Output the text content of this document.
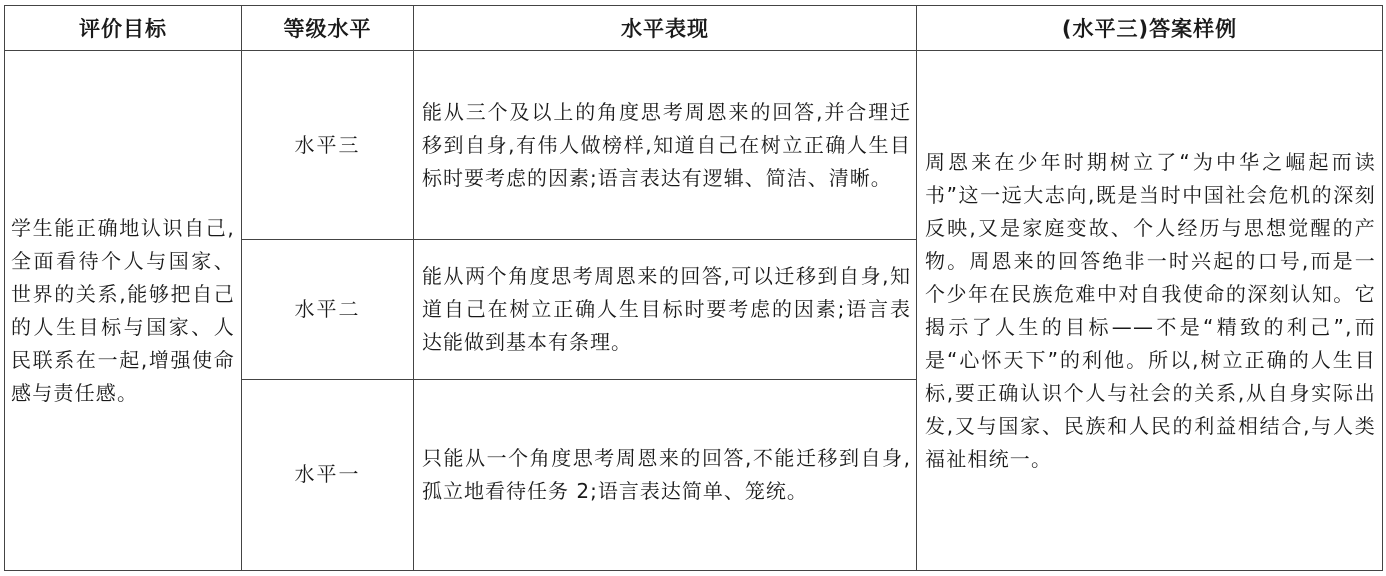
评价目标	等级水平	水平表现	(水平三)答案样例
学生能正确地认识自己,全面看待个人与国家、世界的关系,能够把自己的人生目标与国家、人民联系在一起,增强使命感与责任感。	水平三	能从三个及以上的角度思考周恩来的回答,并合理迁移到自身,有伟人做榜样,知道自己在树立正确人生目标时要考虑的因素;语言表达有逻辑、简洁、清晰。	周恩来在少年时期树立了“为中华之崛起而读书”这一远大志向,既是当时中国社会危机的深刻反映,又是家庭变故、个人经历与思想觉醒的产物。周恩来的回答绝非一时兴起的口号,而是一个少年在民族危难中对自我使命的深刻认知。它揭示了人生的目标——不是“精致的利己”,而是“心怀天下”的利他。所以,树立正确的人生目标,要正确认识个人与社会的关系,从自身实际出发,又与国家、民族和人民的利益相结合,与人类福祉相统一。
	水平二	能从两个角度思考周恩来的回答,可以迁移到自身,知道自己在树立正确人生目标时要考虑的因素;语言表达能做到基本有条理。	
	水平一	只能从一个角度思考周恩来的回答,不能迁移到自身,孤立地看待任务 2;语言表达简单、笼统。	
